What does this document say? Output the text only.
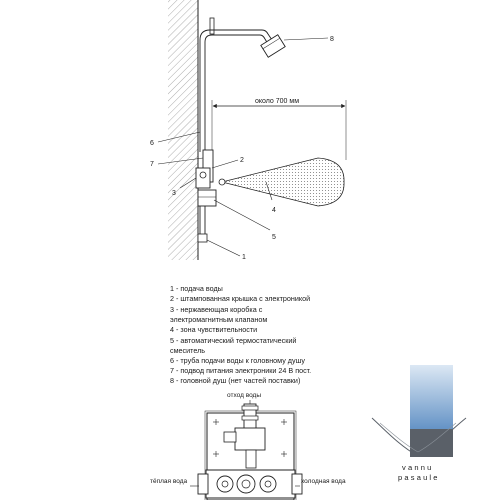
около 700 мм
1
2
3
4
5
6
7
8
1 - подача воды
2 - штампованная крышка с электроникой
3 - нержавеющая коробка с
электромагнитным клапаном
4 - зона чувствительности
5 - автоматический термостатический
смеситель
6 - труба подачи воды к головному душу
7 - подвод питания электроники 24 В пост.
8 - головной душ (нет частей поставки)
отход воды
тёплая вода	холодная вода
vannu
pasaule
